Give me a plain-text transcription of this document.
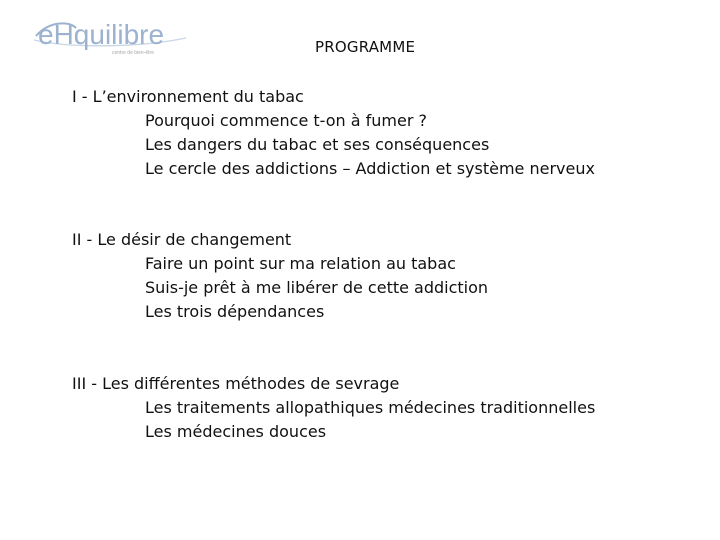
eHquilibre
centre de bien-être	PROGRAMME

I - L’environnement du tabac

Pourquoi commence t-on à fumer ?
Les dangers du tabac et ses conséquences
Le cercle des addictions – Addiction et système nerveux

II - Le désir de changement

Faire un point sur ma relation au tabac
Suis-je prêt à me libérer de cette addiction
Les trois dépendances

III - Les différentes méthodes de sevrage

Les traitements allopathiques médecines traditionnelles
Les médecines douces
